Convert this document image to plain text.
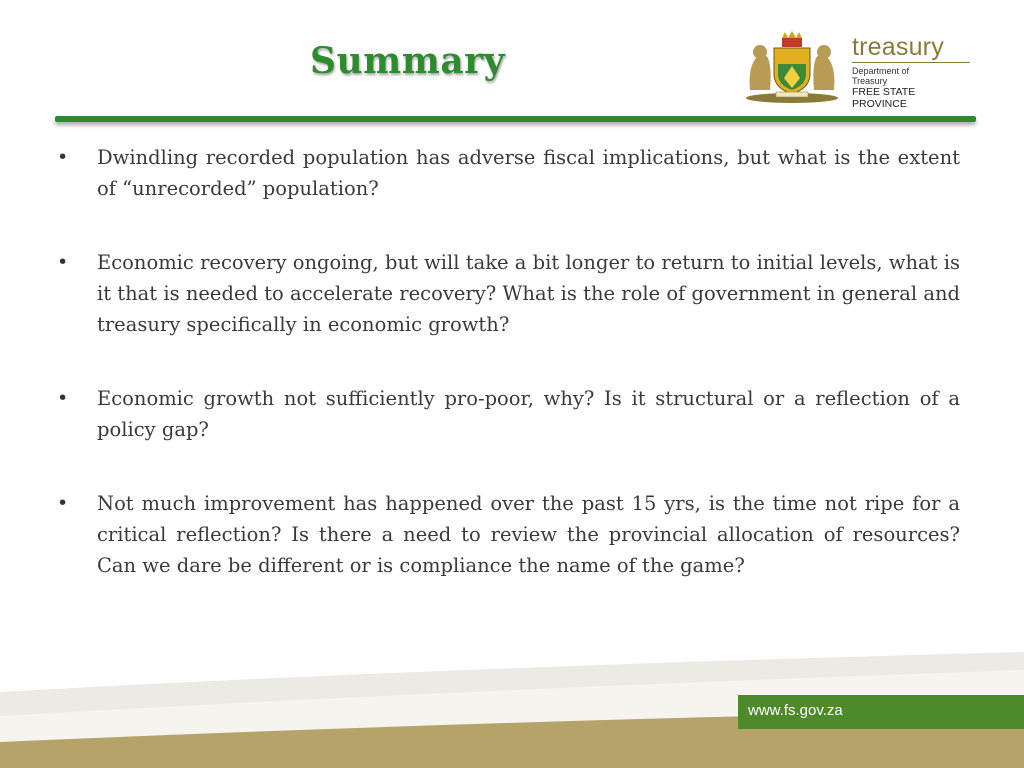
Summary	treasury
Department of
Treasury
FREE STATE PROVINCE
• Dwindling recorded population has adverse fiscal implications, but what is the extent of “unrecorded” population?
• Economic recovery ongoing, but will take a bit longer to return to initial levels, what is it that is needed to accelerate recovery? What is the role of government in general and treasury specifically in economic growth?
• Economic growth not sufficiently pro-poor, why? Is it structural or a reflection of a policy gap?
• Not much improvement has happened over the past 15 yrs, is the time not ripe for a critical reflection? Is there a need to review the provincial allocation of resources? Can we dare be different or is compliance the name of the game?
www.fs.gov.za
